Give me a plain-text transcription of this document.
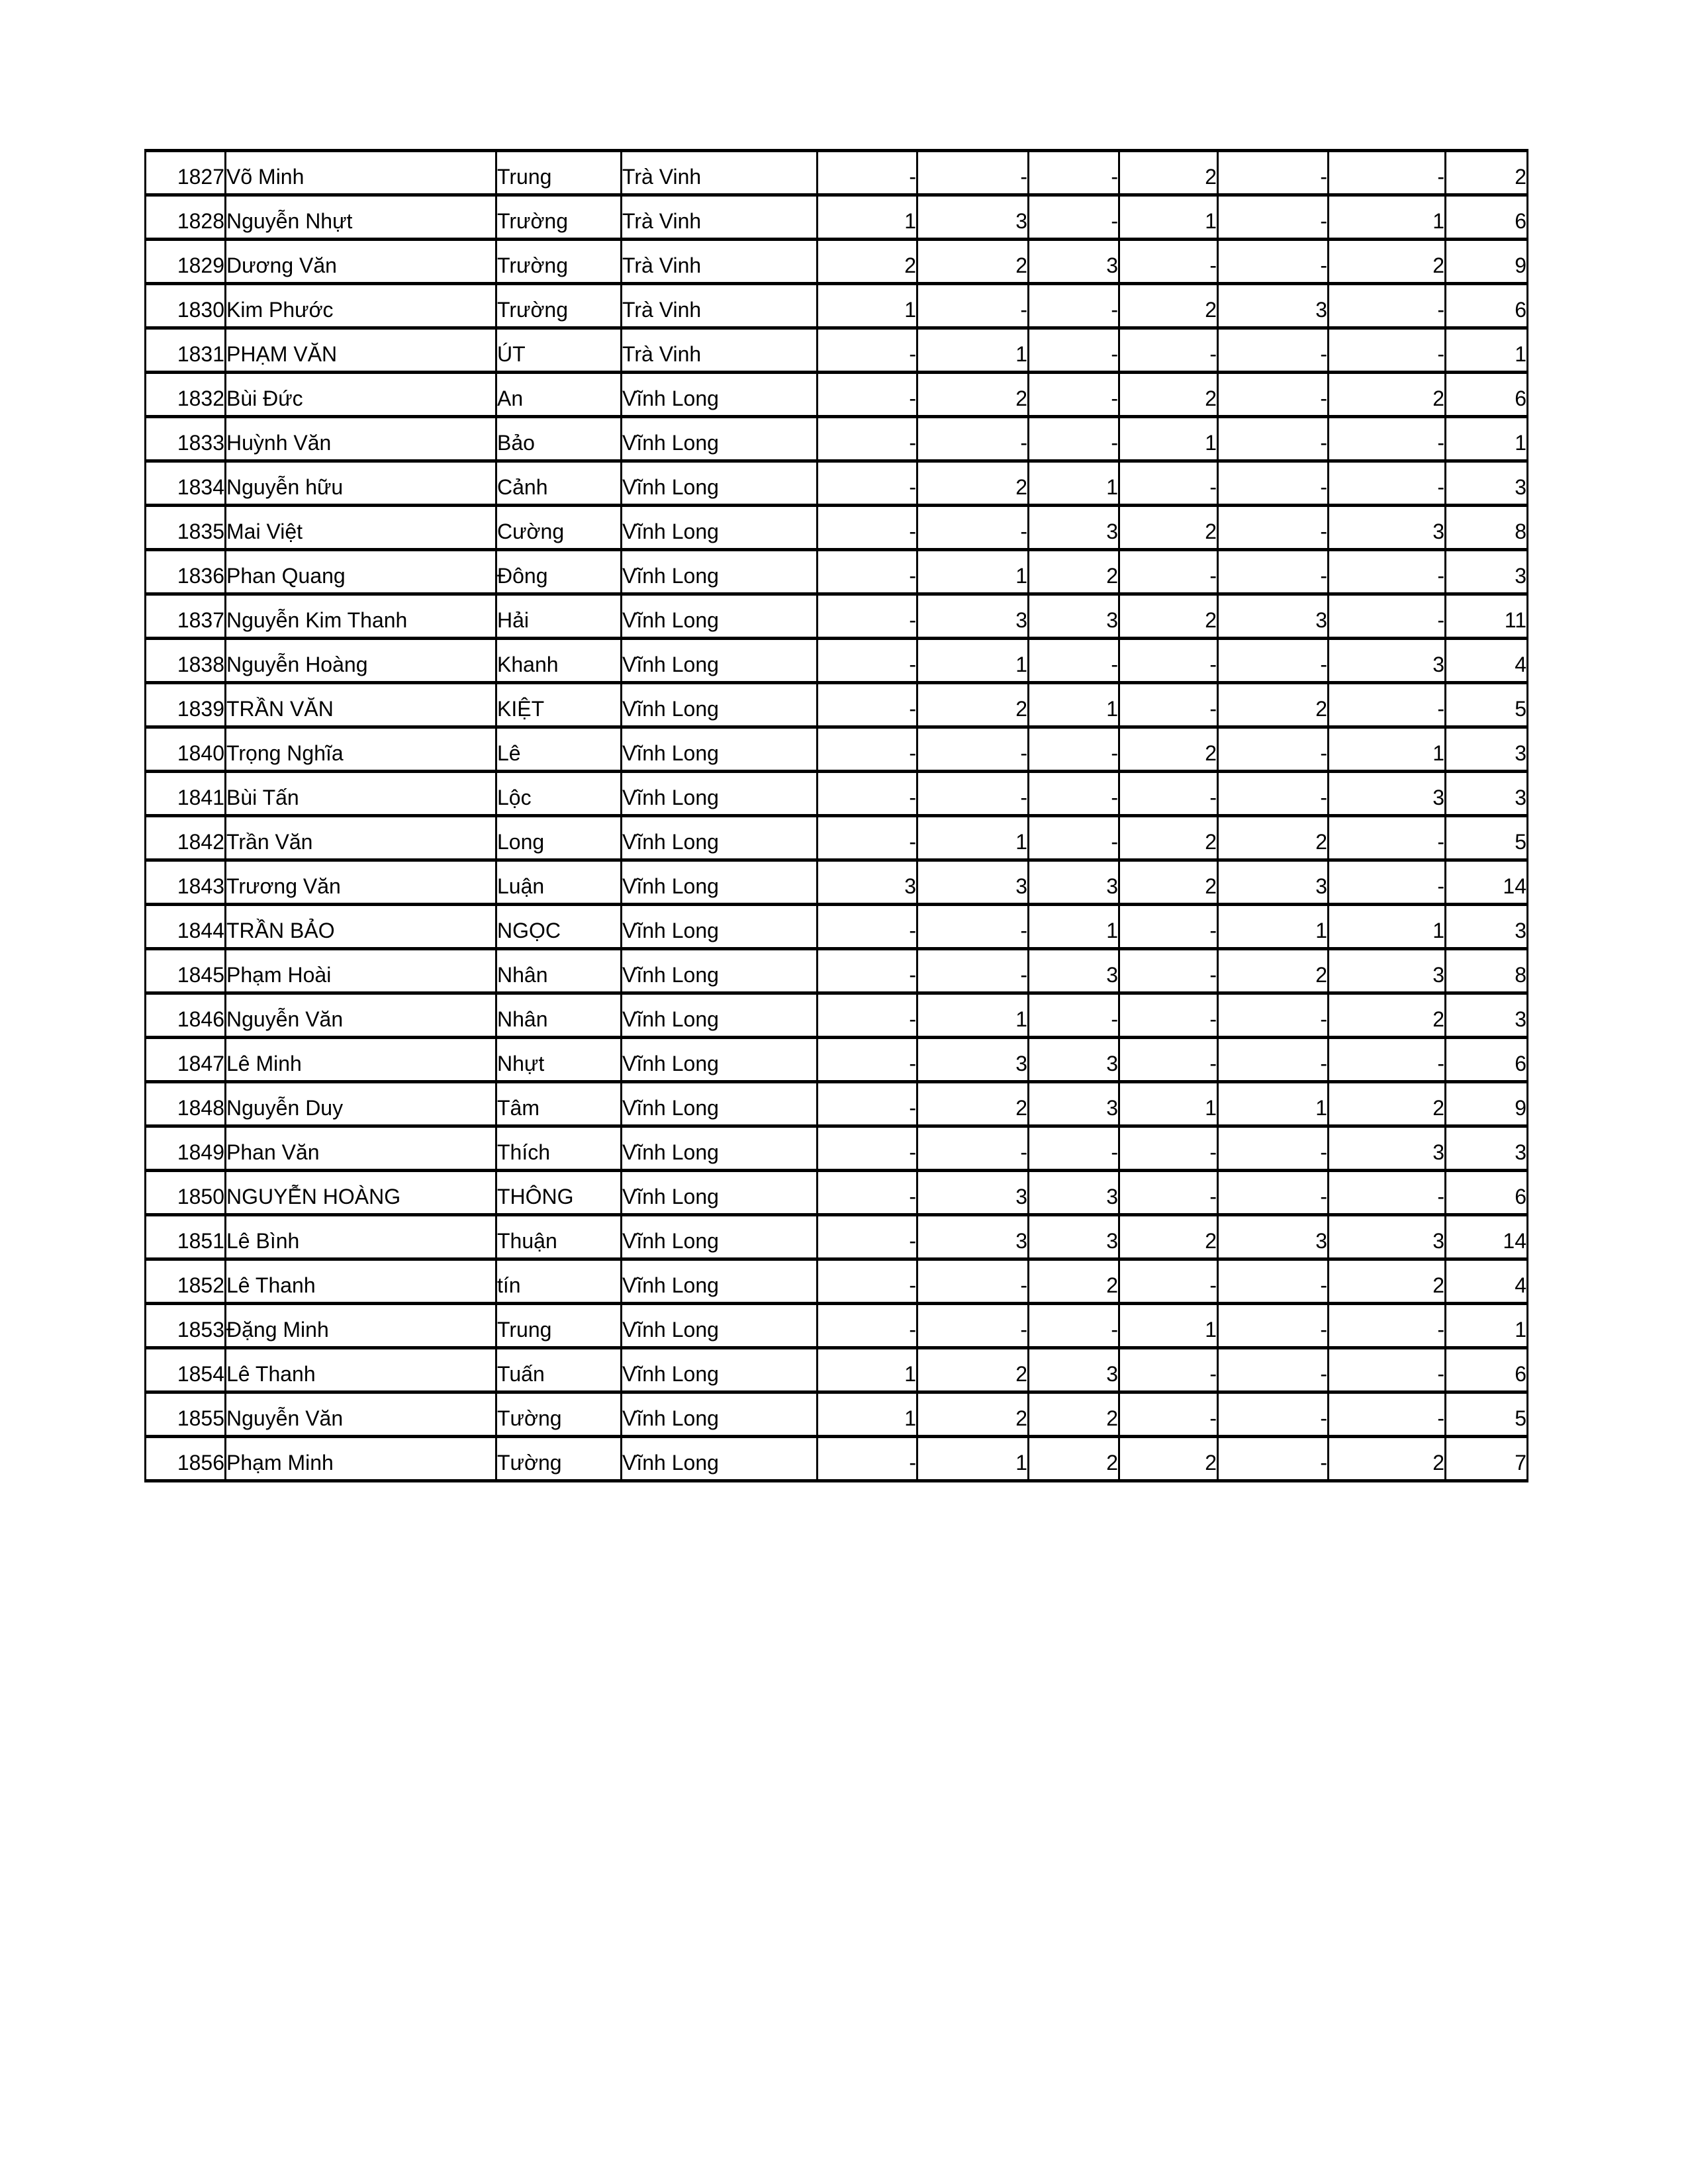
1827	Võ Minh	Trung	Trà Vinh	-	-	-	2	-	-	2
1828	Nguyễn Nhựt	Trường	Trà Vinh	1	3	-	1	-	1	6
1829	Dương Văn	Trường	Trà Vinh	2	2	3	-	-	2	9
1830	Kim Phước	Trường	Trà Vinh	1	-	-	2	3	-	6
1831	PHẠM VĂN	ÚT	Trà Vinh	-	1	-	-	-	-	1
1832	Bùi Đức	An	Vĩnh Long	-	2	-	2	-	2	6
1833	Huỳnh Văn	Bảo	Vĩnh Long	-	-	-	1	-	-	1
1834	Nguyễn hữu	Cảnh	Vĩnh Long	-	2	1	-	-	-	3
1835	Mai Việt	Cường	Vĩnh Long	-	-	3	2	-	3	8
1836	Phan Quang	Đông	Vĩnh Long	-	1	2	-	-	-	3
1837	Nguyễn Kim Thanh	Hải	Vĩnh Long	-	3	3	2	3	-	11
1838	Nguyễn Hoàng	Khanh	Vĩnh Long	-	1	-	-	-	3	4
1839	TRẦN VĂN	KIỆT	Vĩnh Long	-	2	1	-	2	-	5
1840	Trọng Nghĩa	Lê	Vĩnh Long	-	-	-	2	-	1	3
1841	Bùi Tấn	Lộc	Vĩnh Long	-	-	-	-	-	3	3
1842	Trần Văn	Long	Vĩnh Long	-	1	-	2	2	-	5
1843	Trương Văn	Luận	Vĩnh Long	3	3	3	2	3	-	14
1844	TRẦN BẢO	NGỌC	Vĩnh Long	-	-	1	-	1	1	3
1845	Phạm Hoài	Nhân	Vĩnh Long	-	-	3	-	2	3	8
1846	Nguyễn Văn	Nhân	Vĩnh Long	-	1	-	-	-	2	3
1847	Lê Minh	Nhựt	Vĩnh Long	-	3	3	-	-	-	6
1848	Nguyễn Duy	Tâm	Vĩnh Long	-	2	3	1	1	2	9
1849	Phan Văn	Thích	Vĩnh Long	-	-	-	-	-	3	3
1850	NGUYỄN HOÀNG	THÔNG	Vĩnh Long	-	3	3	-	-	-	6
1851	Lê Bình	Thuận	Vĩnh Long	-	3	3	2	3	3	14
1852	Lê Thanh	tín	Vĩnh Long	-	-	2	-	-	2	4
1853	Đặng Minh	Trung	Vĩnh Long	-	-	-	1	-	-	1
1854	Lê Thanh	Tuấn	Vĩnh Long	1	2	3	-	-	-	6
1855	Nguyễn Văn	Tường	Vĩnh Long	1	2	2	-	-	-	5
1856	Phạm Minh	Tường	Vĩnh Long	-	1	2	2	-	2	7
